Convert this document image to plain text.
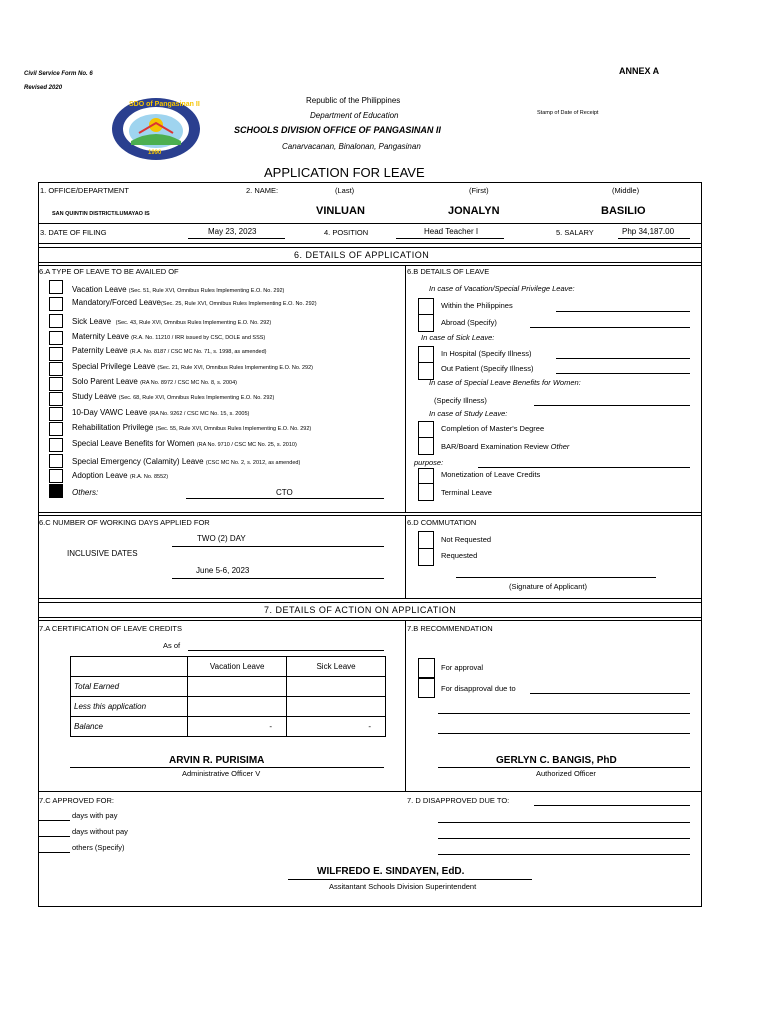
Civil Service Form No. 6
Revised 2020
ANNEX A
SDO of Pangasinan II
1990
Republic of the Philippines
Department of Education
SCHOOLS DIVISION OFFICE OF PANGASINAN II
Canarvacanan, Binalonan, Pangasinan
Stamp of Date of Receipt
APPLICATION FOR LEAVE
1. OFFICE/DEPARTMENT	2. NAME:	(Last)	(First)	(Middle)
SAN QUINTIN DISTRICT/LUMAYAO IS	VINLUAN	JONALYN	BASILIO
3. DATE OF FILING	May 23, 2023	4. POSITION	Head Teacher I	5. SALARY	Php 34,187.00
6. DETAILS OF APPLICATION
6.A TYPE OF LEAVE TO BE AVAILED OF	6.B DETAILS OF LEAVE
Vacation Leave (Sec. 51, Rule XVI, Omnibus Rules Implementing E.O. No. 292)
Mandatory/Forced Leave(Sec. 25, Rule XVI, Omnibus Rules Implementing E.O. No. 292)
Sick Leave (Sec. 43, Rule XVI, Omnibus Rules Implementing E.O. No. 292)
Maternity Leave (R.A. No. 11210 / IRR issued by CSC, DOLE and SSS)
Paternity Leave (R.A. No. 8187 / CSC MC No. 71, s. 1998, as amended)
Special Privilege Leave (Sec. 21, Rule XVI, Omnibus Rules Implementing E.O. No. 292)
Solo Parent Leave (RA No. 8972 / CSC MC No. 8, s. 2004)
Study Leave (Sec. 68, Rule XVI, Omnibus Rules Implementing E.O. No. 292)
10-Day VAWC Leave (RA No. 9262 / CSC MC No. 15, s. 2005)
Rehabilitation Privilege (Sec. 55, Rule XVI, Omnibus Rules Implementing E.O. No. 292)
Special Leave Benefits for Women (RA No. 9710 / CSC MC No. 25, s. 2010)
Special Emergency (Calamity) Leave (CSC MC No. 2, s. 2012, as amended)
Adoption Leave (R.A. No. 8552)
Others:	CTO
In case of Vacation/Special Privilege Leave:
Within the Philippines
Abroad (Specify)
In case of Sick Leave:
In Hospital (Specify Illness)
Out Patient (Specify Illness)
In case of Special Leave Benefits for Women:
(Specify Illness)
In case of Study Leave:
Completion of Master's Degree
BAR/Board Examination Review Other
purpose:
Monetization of Leave Credits
Terminal Leave
6.C NUMBER OF WORKING DAYS APPLIED FOR
TWO (2) DAY
INCLUSIVE DATES
June 5-6, 2023
6.D COMMUTATION
Not Requested
Requested
(Signature of Applicant)
7. DETAILS OF ACTION ON APPLICATION
7.A CERTIFICATION OF LEAVE CREDITS
As of
	Vacation Leave	Sick Leave
Total Earned		
Less this application		
Balance	-	-
ARVIN R. PURISIMA
Administrative Officer V
7.B RECOMMENDATION
For approval
For disapproval due to
GERLYN C. BANGIS, PhD
Authorized Officer
7.C APPROVED FOR:
days with pay
days without pay
others (Specify)
7. D DISAPPROVED DUE TO:
WILFREDO E. SINDAYEN, EdD.
Assitantant Schools Division Superintendent
